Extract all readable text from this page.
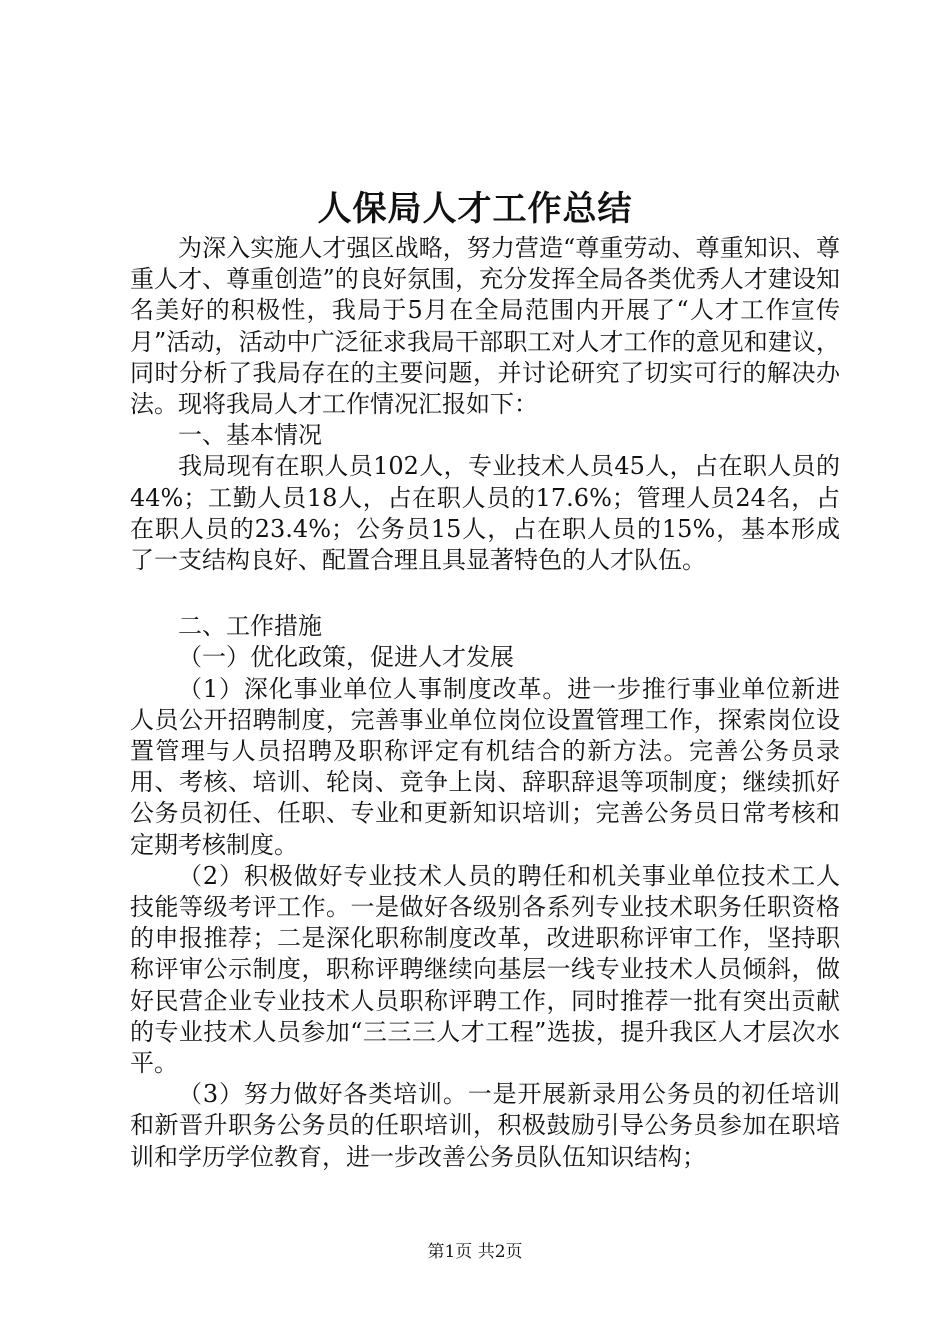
人保局人才工作总结

为深入实施人才强区战略，努力营造“尊重劳动、尊重知识、尊重人才、尊重创造”的良好氛围，充分发挥全局各类优秀人才建设知名美好的积极性，我局于5月在全局范围内开展了“人才工作宣传月”活动，活动中广泛征求我局干部职工对人才工作的意见和建议，同时分析了我局存在的主要问题，并讨论研究了切实可行的解决办法。现将我局人才工作情况汇报如下：

一、基本情况

我局现有在职人员102人，专业技术人员45人，占在职人员的44%；工勤人员18人，占在职人员的17.6%；管理人员24名，占在职人员的23.4%；公务员15人，占在职人员的15%，基本形成了一支结构良好、配置合理且具显著特色的人才队伍。

二、工作措施

（一）优化政策，促进人才发展

（1）深化事业单位人事制度改革。进一步推行事业单位新进人员公开招聘制度，完善事业单位岗位设置管理工作，探索岗位设置管理与人员招聘及职称评定有机结合的新方法。完善公务员录用、考核、培训、轮岗、竞争上岗、辞职辞退等项制度；继续抓好公务员初任、任职、专业和更新知识培训；完善公务员日常考核和定期考核制度。

（2）积极做好专业技术人员的聘任和机关事业单位技术工人技能等级考评工作。一是做好各级别各系列专业技术职务任职资格的申报推荐；二是深化职称制度改革，改进职称评审工作，坚持职称评审公示制度，职称评聘继续向基层一线专业技术人员倾斜，做好民营企业专业技术人员职称评聘工作，同时推荐一批有突出贡献的专业技术人员参加“三三三人才工程”选拔，提升我区人才层次水平。

（3）努力做好各类培训。一是开展新录用公务员的初任培训和新晋升职务公务员的任职培训，积极鼓励引导公务员参加在职培训和学历学位教育，进一步改善公务员队伍知识结构；

第1页 共2页
